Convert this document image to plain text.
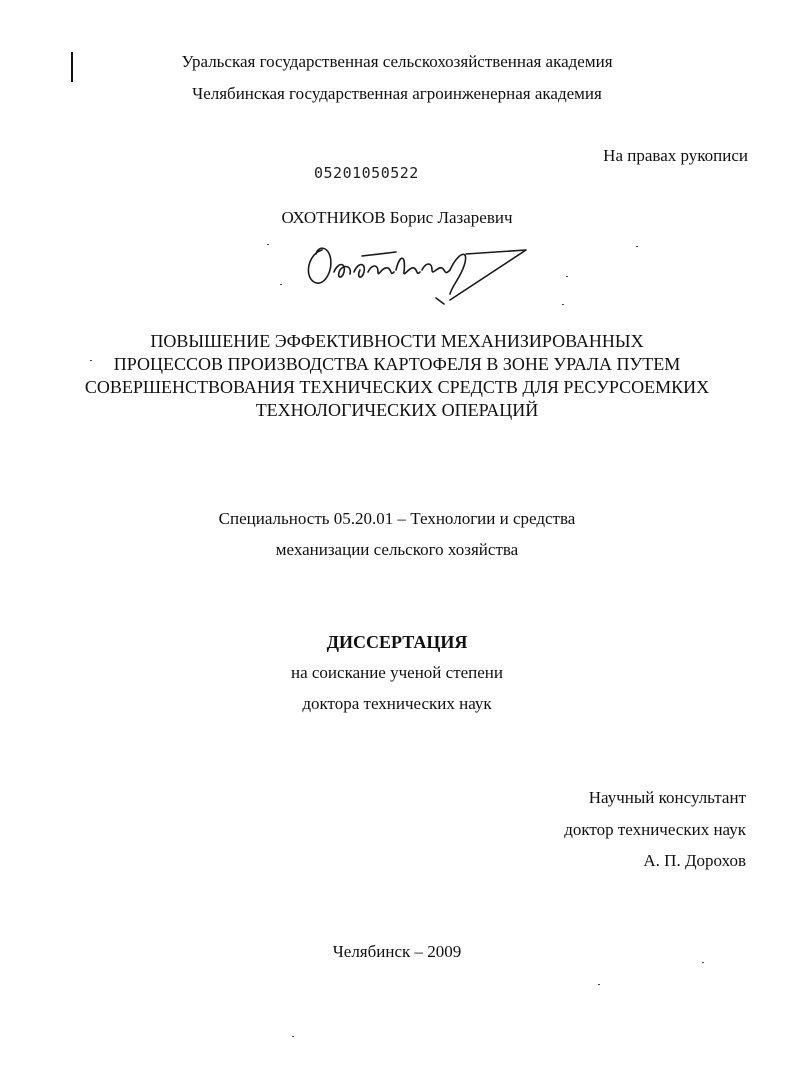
Уральская государственная сельскохозяйственная академия
Челябинская государственная агроинженерная академия
На правах рукописи
05201050522
ОХОТНИКОВ Борис Лазаревич
ПОВЫШЕНИЕ ЭФФЕКТИВНОСТИ МЕХАНИЗИРОВАННЫХ
ПРОЦЕССОВ ПРОИЗВОДСТВА КАРТОФЕЛЯ В ЗОНЕ УРАЛА ПУТЕМ
СОВЕРШЕНСТВОВАНИЯ ТЕХНИЧЕСКИХ СРЕДСТВ ДЛЯ РЕСУРСОЕМКИХ
ТЕХНОЛОГИЧЕСКИХ ОПЕРАЦИЙ
Специальность 05.20.01 – Технологии и средства
механизации сельского хозяйства
ДИССЕРТАЦИЯ
на соискание ученой степени
доктора технических наук
Научный консультант
доктор технических наук
А. П. Дорохов
Челябинск – 2009
